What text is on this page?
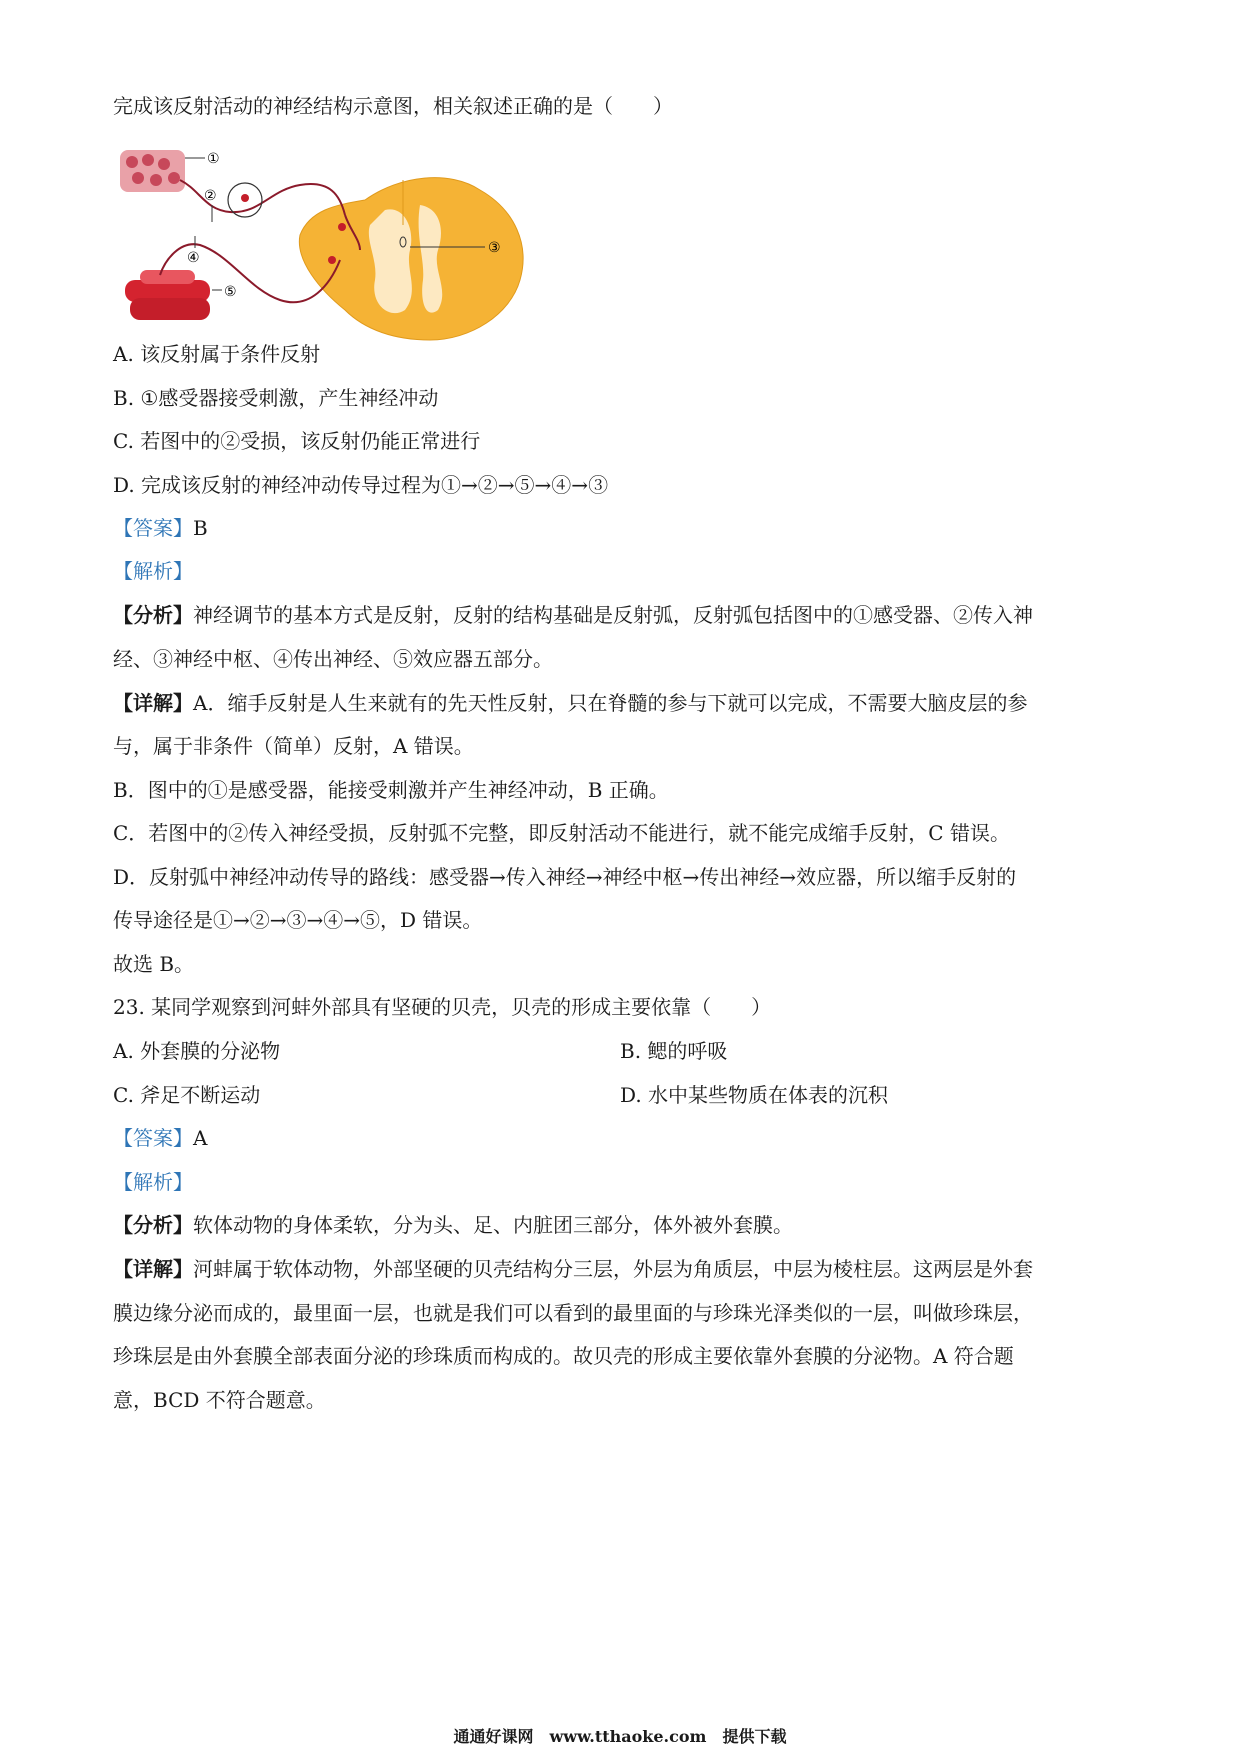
完成该反射活动的神经结构示意图，相关叙述正确的是（　　）
①
②
③
④
⑤
A. 该反射属于条件反射
B. ①感受器接受刺激，产生神经冲动
C. 若图中的②受损，该反射仍能正常进行
D. 完成该反射的神经冲动传导过程为①→②→⑤→④→③
【答案】B
【解析】
【分析】神经调节的基本方式是反射，反射的结构基础是反射弧，反射弧包括图中的①感受器、②传入神
经、③神经中枢、④传出神经、⑤效应器五部分。
【详解】A．缩手反射是人生来就有的先天性反射，只在脊髓的参与下就可以完成，不需要大脑皮层的参
与，属于非条件（简单）反射，A 错误。
B．图中的①是感受器，能接受刺激并产生神经冲动，B 正确。
C．若图中的②传入神经受损，反射弧不完整，即反射活动不能进行，就不能完成缩手反射，C 错误。
D．反射弧中神经冲动传导的路线：感受器→传入神经→神经中枢→传出神经→效应器，所以缩手反射的
传导途径是①→②→③→④→⑤，D 错误。
故选 B。
23. 某同学观察到河蚌外部具有坚硬的贝壳，贝壳的形成主要依靠（　　）
A. 外套膜的分泌物	B. 鳃的呼吸
C. 斧足不断运动	D. 水中某些物质在体表的沉积
【答案】A
【解析】
【分析】软体动物的身体柔软，分为头、足、内脏团三部分，体外被外套膜。
【详解】河蚌属于软体动物，外部坚硬的贝壳结构分三层，外层为角质层，中层为棱柱层。这两层是外套
膜边缘分泌而成的，最里面一层，也就是我们可以看到的最里面的与珍珠光泽类似的一层，叫做珍珠层，
珍珠层是由外套膜全部表面分泌的珍珠质而构成的。故贝壳的形成主要依靠外套膜的分泌物。A 符合题
意，BCD 不符合题意。
通通好课网　www.tthaoke.com　提供下载
